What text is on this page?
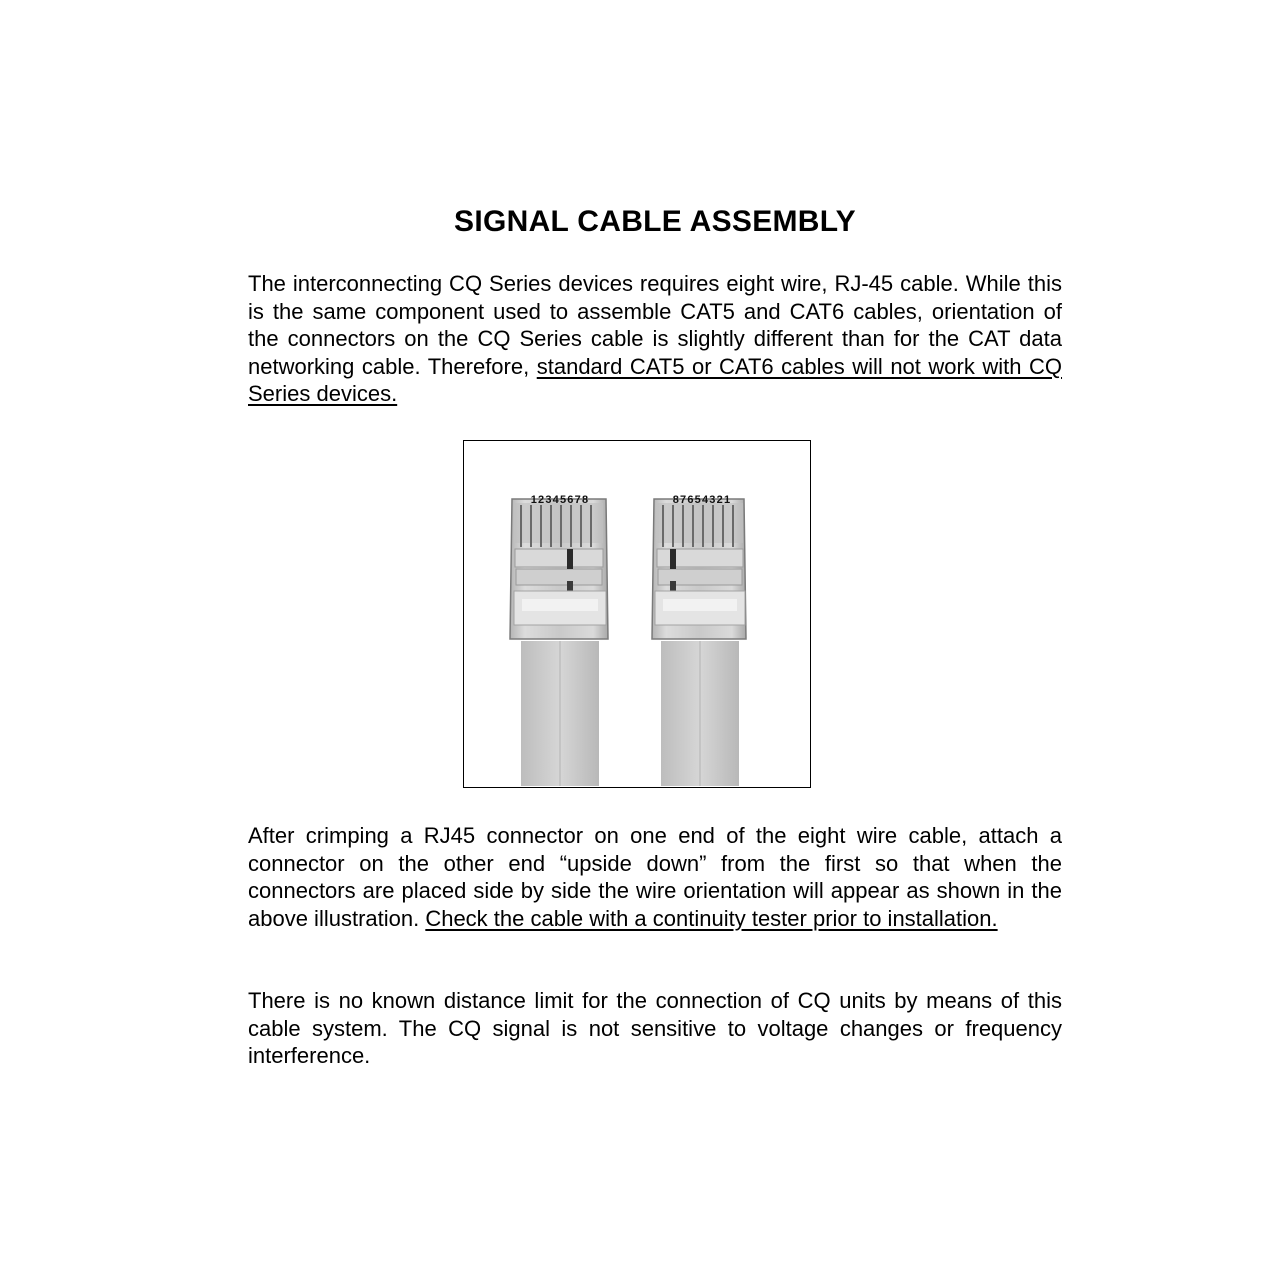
SIGNAL CABLE ASSEMBLY
The interconnecting CQ Series devices requires eight wire, RJ-45 cable. While this is the same component used to assemble CAT5 and CAT6 cables, orientation of the connectors on the CQ Series cable is slightly different than for the CAT data networking cable. Therefore, standard CAT5 or CAT6 cables will not work with CQ Series devices.
After crimping a RJ45 connector on one end of the eight wire cable, attach a connector on the other end “upside down” from the first so that when the connectors are placed side by side the wire orientation will appear as shown in the above illustration. Check the cable with a continuity tester prior to installation.
There is no known distance limit for the connection of CQ units by means of this cable system. The CQ signal is not sensitive to voltage changes or frequency interference.
12345678	87654321
